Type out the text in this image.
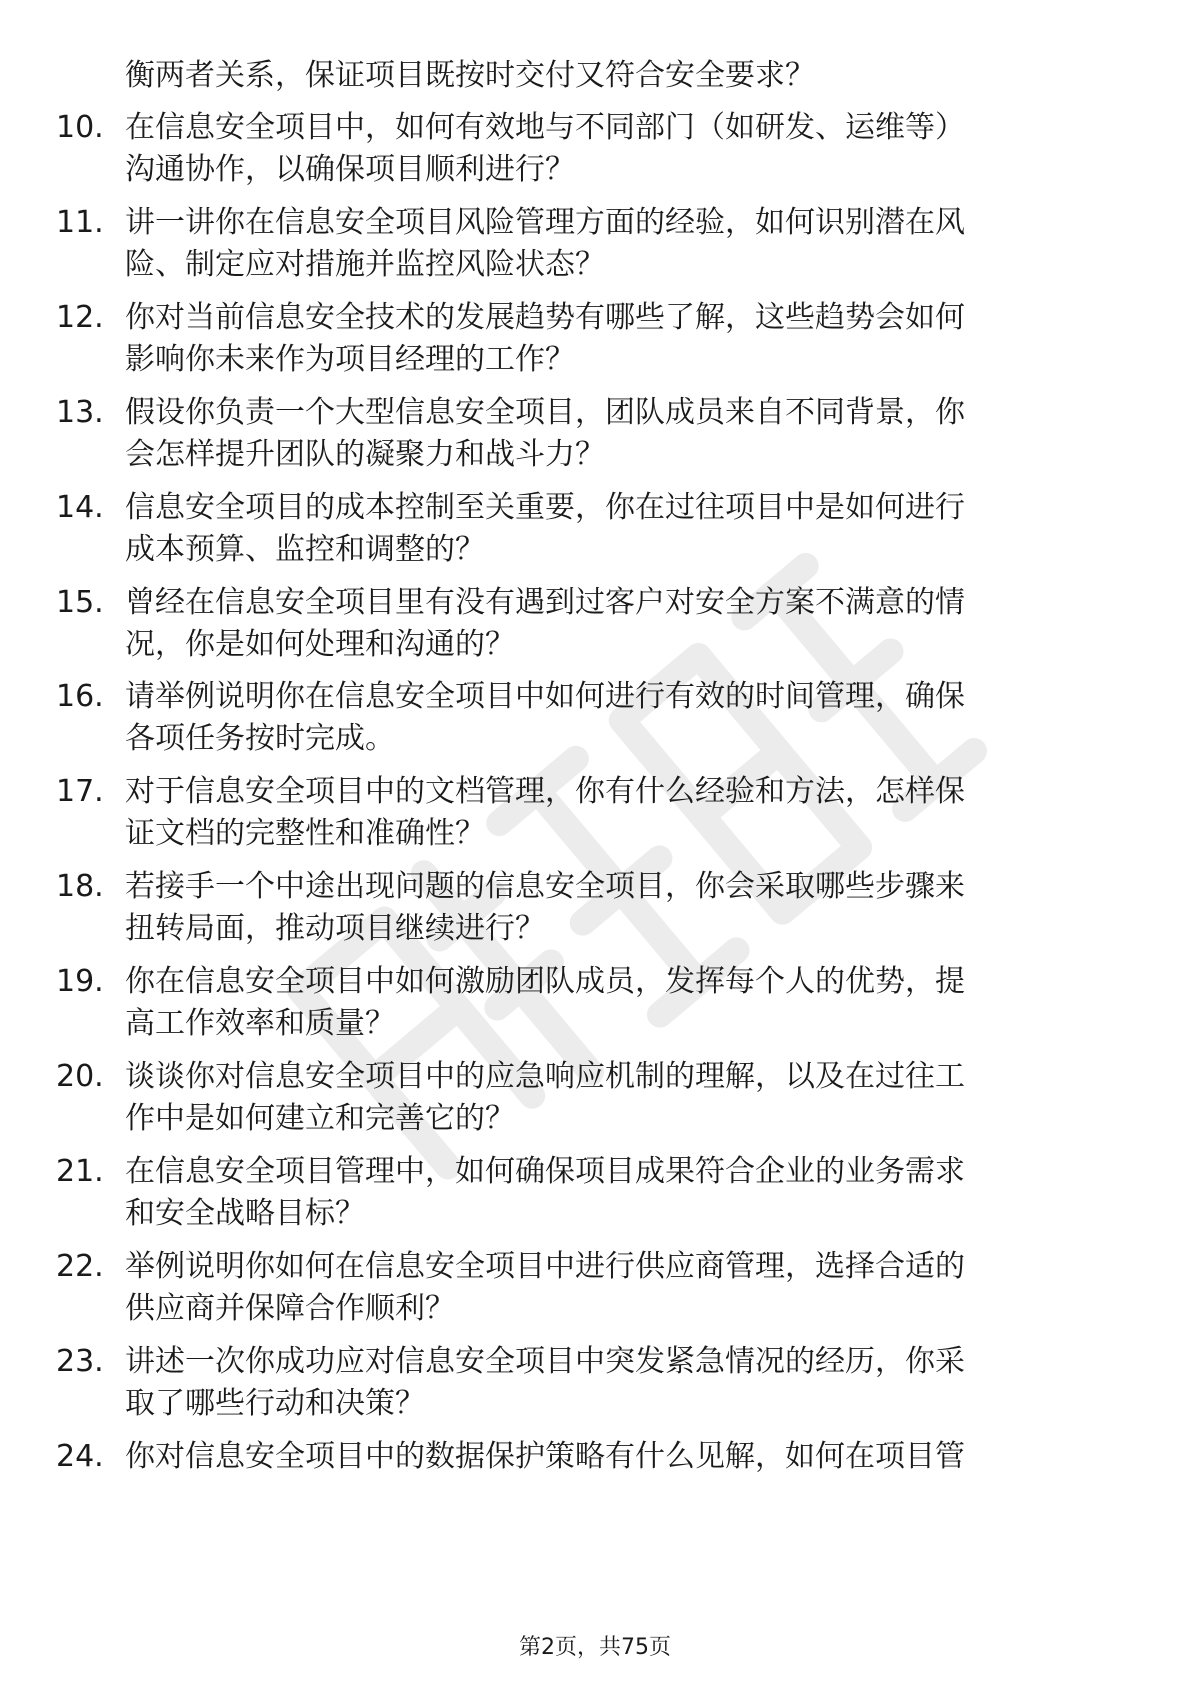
衡两者关系，保证项目既按时交付又符合安全要求？
10. 在信息安全项目中，如何有效地与不同部门（如研发、运维等）
沟通协作，以确保项目顺利进行？
11. 讲一讲你在信息安全项目风险管理方面的经验，如何识别潜在风
险、制定应对措施并监控风险状态？
12. 你对当前信息安全技术的发展趋势有哪些了解，这些趋势会如何
影响你未来作为项目经理的工作？
13. 假设你负责一个大型信息安全项目，团队成员来自不同背景，你
会怎样提升团队的凝聚力和战斗力？
14. 信息安全项目的成本控制至关重要，你在过往项目中是如何进行
成本预算、监控和调整的？
15. 曾经在信息安全项目里有没有遇到过客户对安全方案不满意的情
况，你是如何处理和沟通的？
16. 请举例说明你在信息安全项目中如何进行有效的时间管理，确保
各项任务按时完成。
17. 对于信息安全项目中的文档管理，你有什么经验和方法，怎样保
证文档的完整性和准确性？
18. 若接手一个中途出现问题的信息安全项目，你会采取哪些步骤来
扭转局面，推动项目继续进行？
19. 你在信息安全项目中如何激励团队成员，发挥每个人的优势，提
高工作效率和质量？
20. 谈谈你对信息安全项目中的应急响应机制的理解，以及在过往工
作中是如何建立和完善它的？
21. 在信息安全项目管理中，如何确保项目成果符合企业的业务需求
和安全战略目标？
22. 举例说明你如何在信息安全项目中进行供应商管理，选择合适的
供应商并保障合作顺利？
23. 讲述一次你成功应对信息安全项目中突发紧急情况的经历，你采
取了哪些行动和决策？
24. 你对信息安全项目中的数据保护策略有什么见解，如何在项目管
第2页，共75页
